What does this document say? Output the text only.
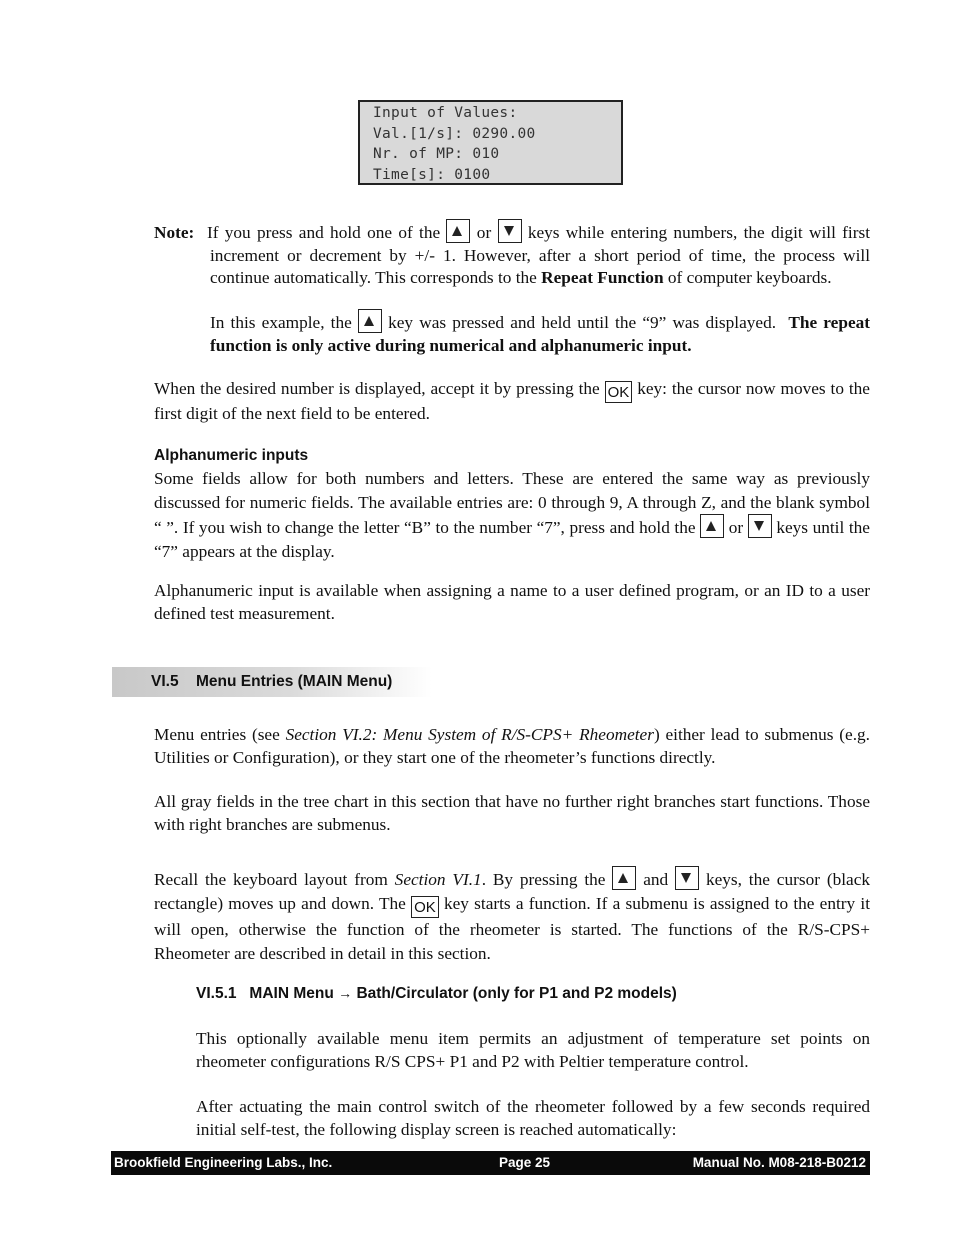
Input of Values:
Val.[1/s]: 0290.00
Nr. of MP: 010
Time[s]: 0100
Note: If you press and hold one of the or keys while entering numbers, the digit will first increment or decrement by +/- 1. However, after a short period of time, the process will continue automatically. This corresponds to the Repeat Function of computer keyboards.
In this example, the key was pressed and held until the “9” was displayed. The repeat function is only active during numerical and alphanumeric input.
When the desired number is displayed, accept it by pressing the OK key: the cursor now moves to the first digit of the next field to be entered.
Alphanumeric inputs
Some fields allow for both numbers and letters. These are entered the same way as previously discussed for numeric fields. The available entries are: 0 through 9, A through Z, and the blank symbol “ ”. If you wish to change the letter “B” to the number “7”, press and hold the or keys until the “7” appears at the display.
Alphanumeric input is available when assigning a name to a user defined program, or an ID to a user defined test measurement.
VI.5 Menu Entries (MAIN Menu)
Menu entries (see Section VI.2: Menu System of R/S-CPS+ Rheometer) either lead to submenus (e.g. Utilities or Configuration), or they start one of the rheometer’s functions directly.
All gray fields in the tree chart in this section that have no further right branches start functions. Those with right branches are submenus.
Recall the keyboard layout from Section VI.1. By pressing the and keys, the cursor (black rectangle) moves up and down. The OK key starts a function. If a submenu is assigned to the entry it will open, otherwise the function of the rheometer is started. The functions of the R/S-CPS+ Rheometer are described in detail in this section.
VI.5.1 MAIN Menu → Bath/Circulator (only for P1 and P2 models)
This optionally available menu item permits an adjustment of temperature set points on rheometer configurations R/S CPS+ P1 and P2 with Peltier temperature control.
After actuating the main control switch of the rheometer followed by a few seconds required initial self-test, the following display screen is reached automatically:
Brookfield Engineering Labs., Inc.	Page 25	Manual No. M08-218-B0212
